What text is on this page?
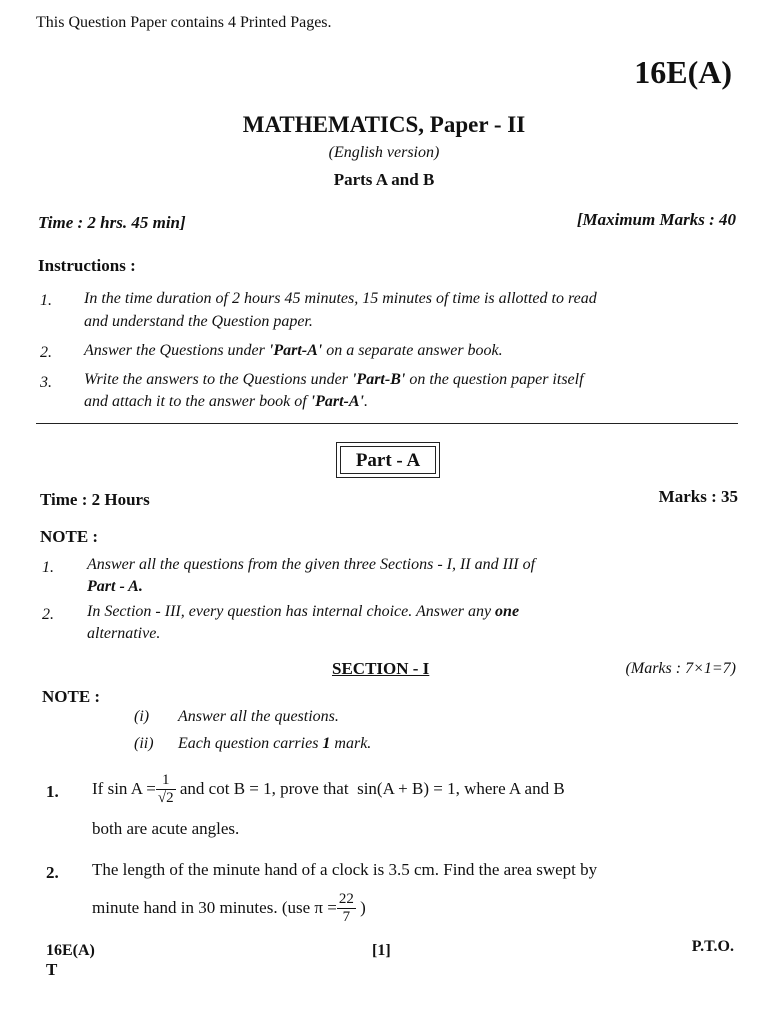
This Question Paper contains 4 Printed Pages.
16E(A)
MATHEMATICS, Paper - II
(English version)
Parts A and B
Time : 2 hrs. 45 min]	[Maximum Marks : 40
Instructions :
1. In the time duration of 2 hours 45 minutes, 15 minutes of time is allotted to read
and understand the Question paper.
2. Answer the Questions under 'Part-A' on a separate answer book.
3. Write the answers to the Questions under 'Part-B' on the question paper itself
and attach it to the answer book of 'Part-A'.
Part - A
Time : 2 Hours	Marks : 35
NOTE :
1. Answer all the questions from the given three Sections - I, II and III of
Part - A.
2. In Section - III, every question has internal choice. Answer any one
alternative.
SECTION - I	(Marks : 7×1=7)
NOTE :
(i) Answer all the questions.
(ii) Each question carries 1 mark.
1. If $\sin A = \frac{1}{√2}$ and cot B = 1, prove that  sin(A + B) = 1, where A and B
both are acute angles.
2. The length of the minute hand of a clock is 3.5 cm. Find the area swept by
minute hand in 30 minutes. (use $\pi = \frac{22}{7}$ )
16E(A)
T
[1]	P.T.O.
